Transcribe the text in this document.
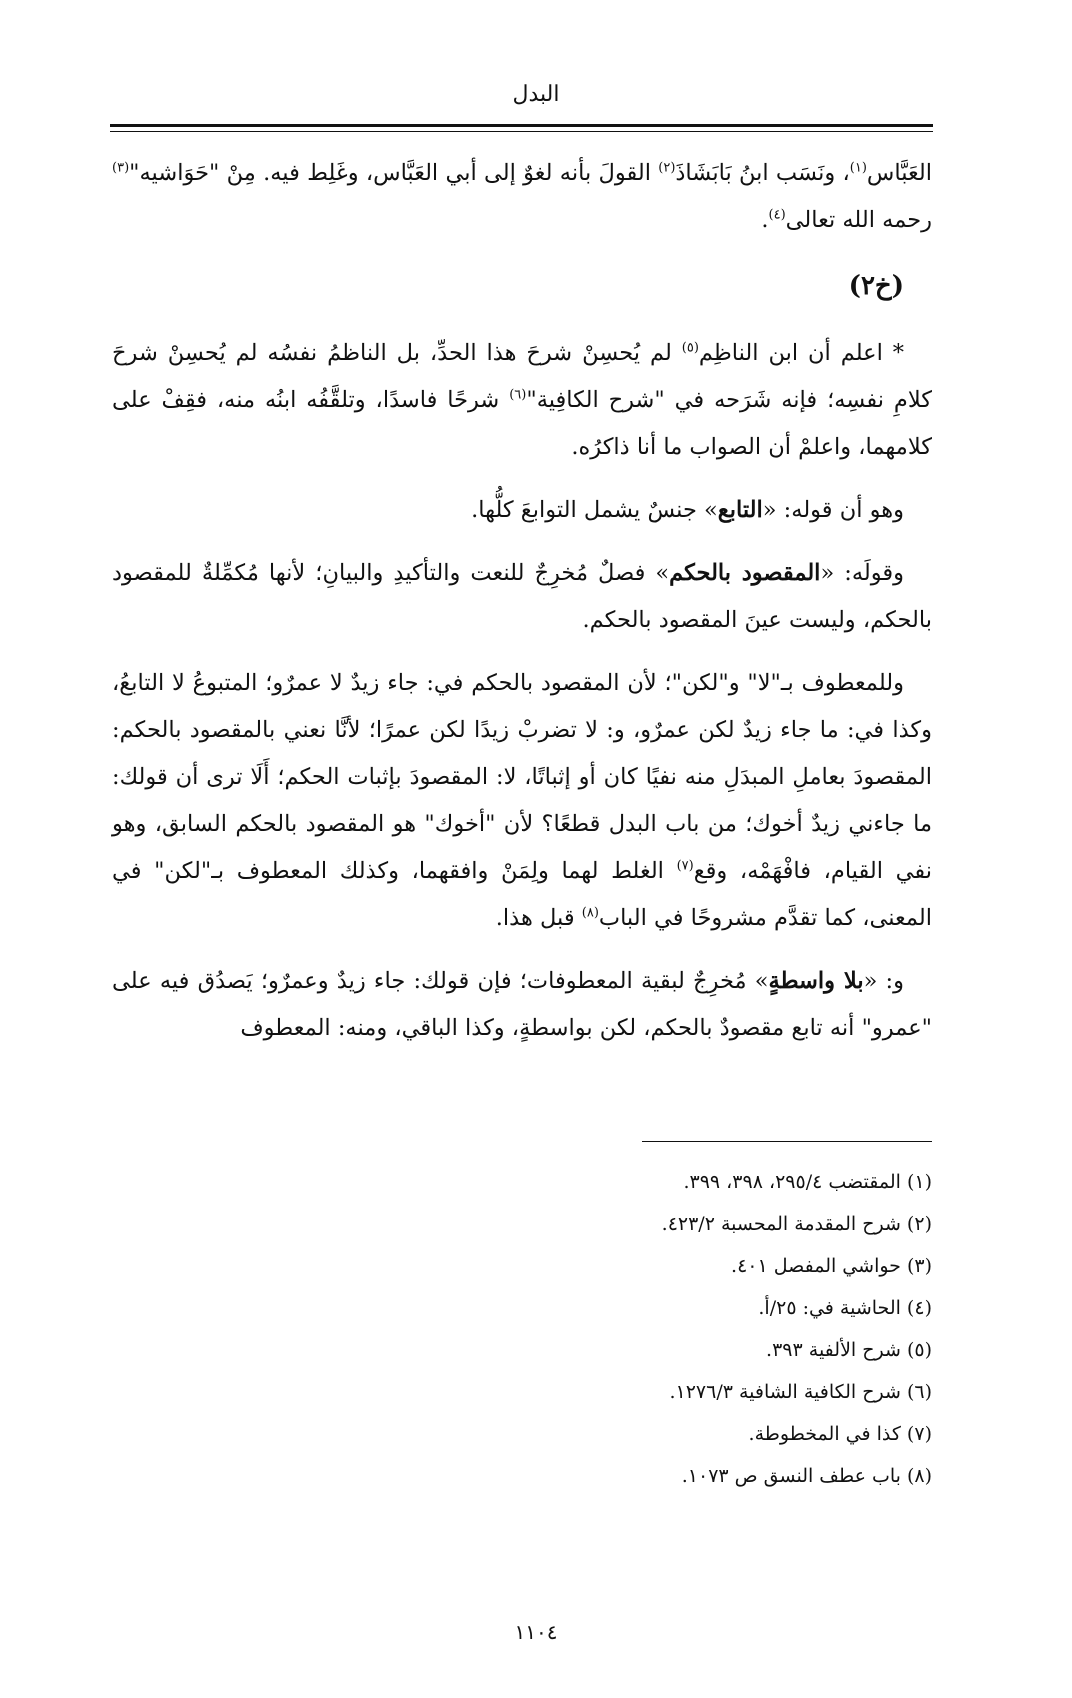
البدل

العَبَّاس$^{(١)}$، ونَسَب ابنُ بَابَشَاذَ$^{(٢)}$ القولَ بأنه لغوٌ إلى أبي العَبَّاس، وغَلِط فيه. مِنْ "حَوَاشيه"$^{(٣)}$ رحمه الله تعالى$^{(٤)}$.

(خ٢)

* اعلم أن ابن الناظِم$^{(٥)}$ لم يُحسِنْ شرحَ هذا الحدِّ، بل الناظمُ نفسُه لم يُحسِنْ شرحَ كلامِ نفسِه؛ فإنه شَرَحه في "شرح الكافِية"$^{(٦)}$ شرحًا فاسدًا، وتلقَّفُه ابنُه منه، فقِفْ على كلامهما، واعلمْ أن الصواب ما أنا ذاكرُه.

وهو أن قوله: «التابع» جنسٌ يشمل التوابعَ كلُّها.

وقولَه: «المقصود بالحكم» فصلٌ مُخرِجٌ للنعت والتأكيدِ والبيانِ؛ لأنها مُكمِّلةٌ للمقصود بالحكم، وليست عينَ المقصود بالحكم.

وللمعطوف بـ"لا" و"لكن"؛ لأن المقصود بالحكم في: جاء زيدٌ لا عمرٌو؛ المتبوعُ لا التابعُ، وكذا في: ما جاء زيدٌ لكن عمرٌو، و: لا تضربْ زيدًا لكن عمرًا؛ لأنَّا نعني بالمقصود بالحكم: المقصودَ بعاملِ المبدَلِ منه نفيًا كان أو إثباتًا، لا: المقصودَ بإثبات الحكم؛ أَلَا ترى أن قولك: ما جاءني زيدٌ أخوك؛ من باب البدل قطعًا؟ لأن "أخوك" هو المقصود بالحكم السابق، وهو نفي القيام، فافْهَمْه، وقع$^{(٧)}$ الغلط لهما ولِمَنْ وافقهما، وكذلك المعطوف بـ"لكن" في المعنى، كما تقدَّم مشروحًا في الباب$^{(٨)}$ قبل هذا.

و: «بلا واسطةٍ» مُخرِجٌ لبقية المعطوفات؛ فإن قولك: جاء زيدٌ وعمرٌو؛ يَصدُق فيه على "عمرو" أنه تابع مقصودٌ بالحكم، لكن بواسطةٍ، وكذا الباقي، ومنه: المعطوف

(١) المقتضب ٢٩٥/٤، ٣٩٨، ٣٩٩.
(٢) شرح المقدمة المحسبة ٤٢٣/٢.
(٣) حواشي المفصل ٤٠١.
(٤) الحاشية في: ٢٥/أ.
(٥) شرح الألفية ٣٩٣.
(٦) شرح الكافية الشافية ١٢٧٦/٣.
(٧) كذا في المخطوطة.
(٨) باب عطف النسق ص ١٠٧٣.
١١٠٤
